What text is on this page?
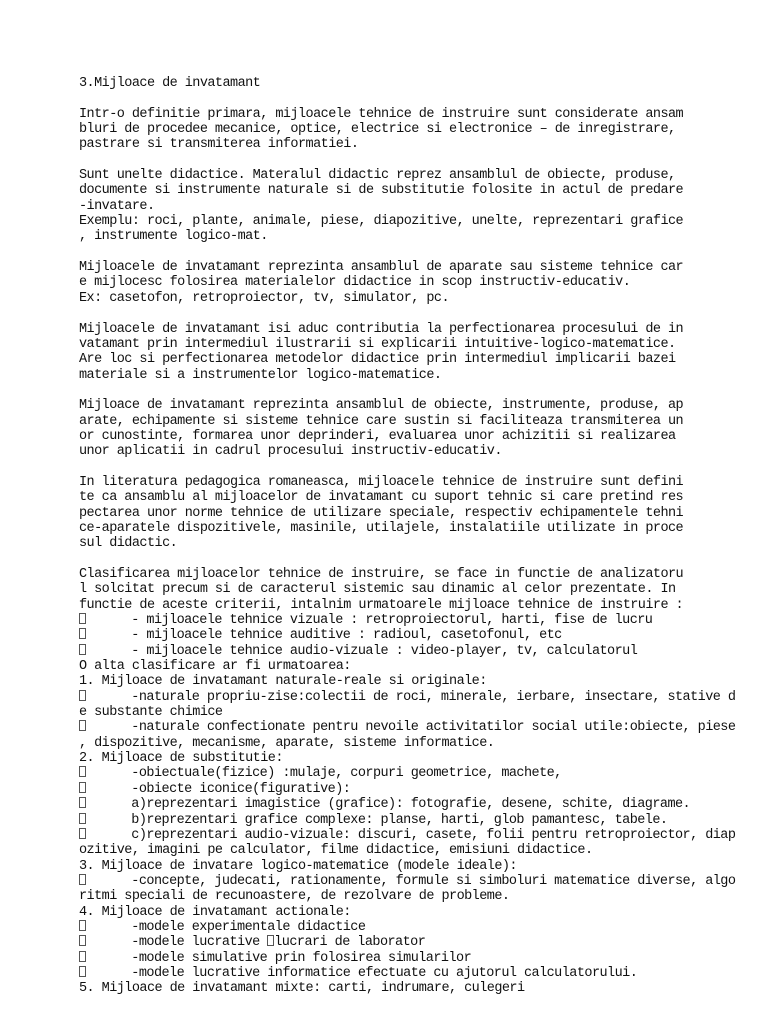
3.Mijloace de invatamant
Intr-o definitie primara, mijloacele tehnice de instruire sunt considerate ansam
bluri de procedee mecanice, optice, electrice si electronice – de inregistrare,
pastrare si transmiterea informatiei.
Sunt unelte didactice. Materalul didactic reprez ansamblul de obiecte, produse,
documente si instrumente naturale si de substitutie folosite in actul de predare
-invatare.
Exemplu: roci, plante, animale, piese, diapozitive, unelte, reprezentari grafice
, instrumente logico-mat.
Mijloacele de invatamant reprezinta ansamblul de aparate sau sisteme tehnice car
e mijlocesc folosirea materialelor didactice in scop instructiv-educativ.
Ex: casetofon, retroproiector, tv, simulator, pc.
Mijloacele de invatamant isi aduc contributia la perfectionarea procesului de in
vatamant prin intermediul ilustrarii si explicarii intuitive-logico-matematice.
Are loc si perfectionarea metodelor didactice prin intermediul implicarii bazei
materiale si a instrumentelor logico-matematice.
Mijloace de invatamant reprezinta ansamblul de obiecte, instrumente, produse, ap
arate, echipamente si sisteme tehnice care sustin si faciliteaza transmiterea un
or cunostinte, formarea unor deprinderi, evaluarea unor achizitii si realizarea
unor aplicatii in cadrul procesului instructiv-educativ.
In literatura pedagogica romaneasca, mijloacele tehnice de instruire sunt defini
te ca ansamblu al mijloacelor de invatamant cu suport tehnic si care pretind res
pectarea unor norme tehnice de utilizare speciale, respectiv echipamentele tehni
ce-aparatele dispozitivele, masinile, utilajele, instalatiile utilizate in proce
sul didactic.
Clasificarea mijloacelor tehnice de instruire, se face in functie de analizatoru
l solcitat precum si de caracterul sistemic sau dinamic al celor prezentate. In
functie de aceste criterii, intalnim urmatoarele mijloace tehnice de instruire :
- mijloacele tehnice vizuale : retroproiectorul, harti, fise de lucru
- mijloacele tehnice auditive : radioul, casetofonul, etc
- mijloacele tehnice audio-vizuale : video-player, tv, calculatorul
O alta clasificare ar fi urmatoarea:
1. Mijloace de invatamant naturale-reale si originale:
-naturale propriu-zise:colectii de roci, minerale, ierbare, insectare, stative d
e substante chimice
-naturale confectionate pentru nevoile activitatilor social utile:obiecte, piese
, dispozitive, mecanisme, aparate, sisteme informatice.
2. Mijloace de substitutie:
-obiectuale(fizice) :mulaje, corpuri geometrice, machete,
-obiecte iconice(figurative):
a)reprezentari imagistice (grafice): fotografie, desene, schite, diagrame.
b)reprezentari grafice complexe: planse, harti, glob pamantesc, tabele.
c)reprezentari audio-vizuale: discuri, casete, folii pentru retroproiector, diap
ozitive, imagini pe calculator, filme didactice, emisiuni didactice.
3. Mijloace de invatare logico-matematice (modele ideale):
-concepte, judecati, rationamente, formule si simboluri matematice diverse, algo
ritmi speciali de recunoastere, de rezolvare de probleme.
4. Mijloace de invatamant actionale:
-modele experimentale didactice
-modele lucrative lucrari de laborator
-modele simulative prin folosirea simularilor
-modele lucrative informatice efectuate cu ajutorul calculatorului.
5. Mijloace de invatamant mixte: carti, indrumare, culegeri
